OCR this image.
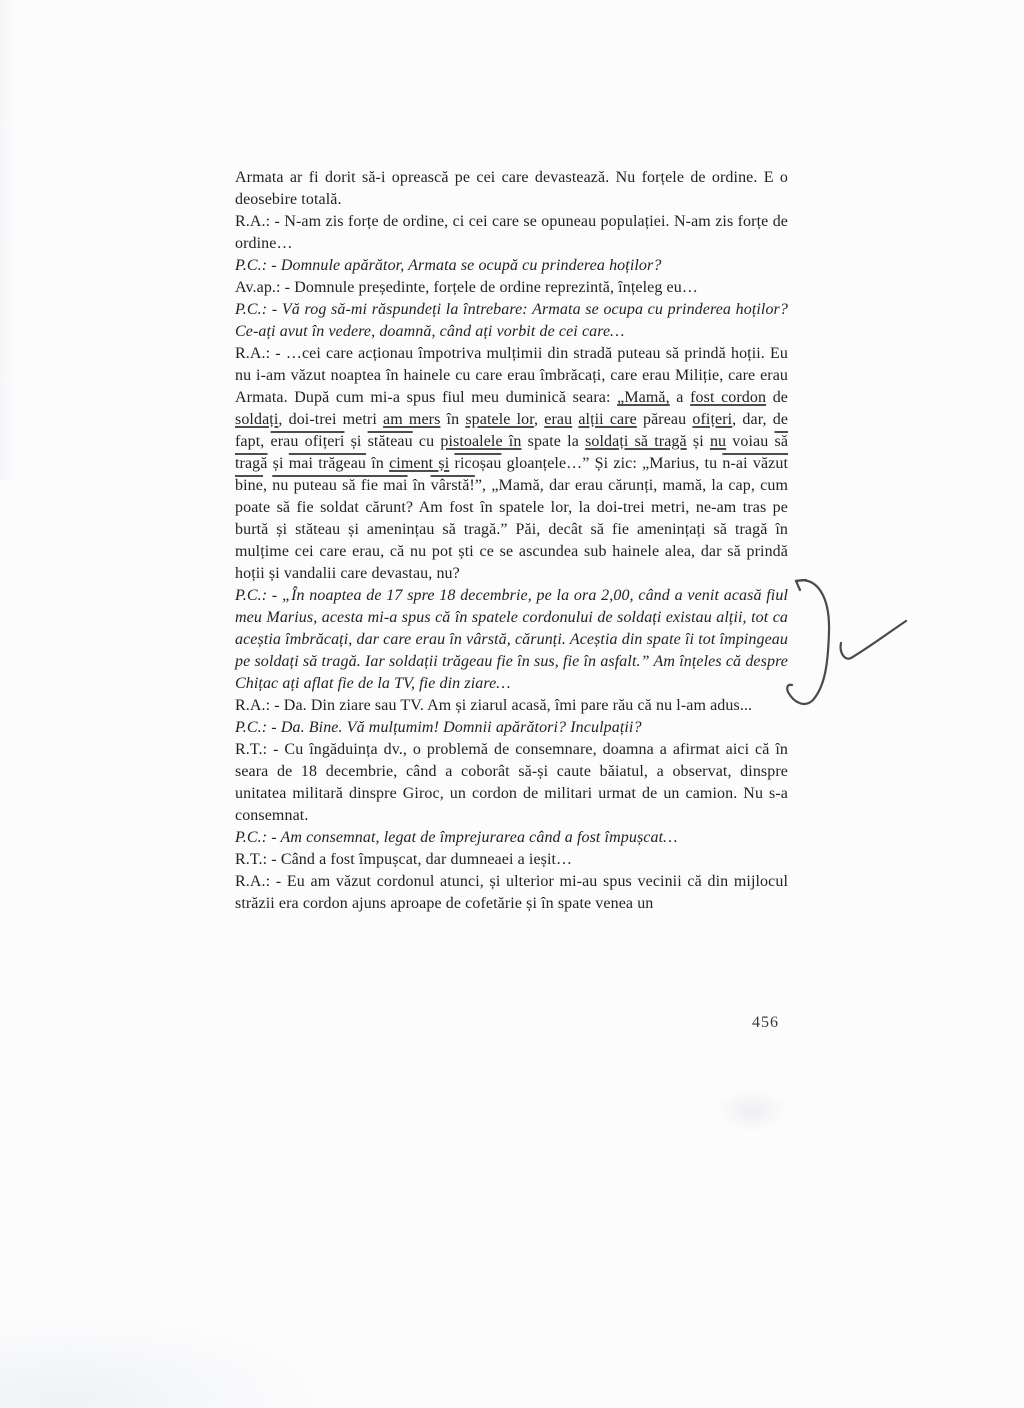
Armata ar fi dorit să-i oprească pe cei care devastează. Nu forțele de ordine. E o deosebire totală.

R.A.: - N-am zis forțe de ordine, ci cei care se opuneau populației. N-am zis forțe de ordine…

P.C.: - Domnule apărător, Armata se ocupă cu prinderea hoților?

Av.ap.: - Domnule președinte, forțele de ordine reprezintă, înțeleg eu…

P.C.: - Vă rog să-mi răspundeți la întrebare: Armata se ocupa cu prinderea hoților? Ce-ați avut în vedere, doamnă, când ați vorbit de cei care…

R.A.: - …cei care acționau împotriva mulțimii din stradă puteau să prindă hoții. Eu nu i-am văzut noaptea în hainele cu care erau îmbrăcați, care erau Miliție, care erau Armata. După cum mi-a spus fiul meu duminică seara: „Mamă, a fost cordon de soldați, doi-trei metri am mers în spatele lor, erau alții care păreau ofițeri, dar, de fapt, erau ofițeri și stăteau cu pistoalele în spate la soldați să tragă și nu voiau să tragă și mai trăgeau în ciment și ricoșau gloanțele…” Și zic: „Marius, tu n-ai văzut bine, nu puteau să fie mai în vârstă!”, „Mamă, dar erau cărunți, mamă, la cap, cum poate să fie soldat cărunt? Am fost în spatele lor, la doi-trei metri, ne-am tras pe burtă și stăteau și amenințau să tragă.” Păi, decât să fie amenințați să tragă în mulțime cei care erau, că nu pot ști ce se ascundea sub hainele alea, dar să prindă hoții și vandalii care devastau, nu?

P.C.: - „În noaptea de 17 spre 18 decembrie, pe la ora 2,00, când a venit acasă fiul meu Marius, acesta mi-a spus că în spatele cordonului de soldați existau alții, tot ca aceștia îmbrăcați, dar care erau în vârstă, cărunți. Aceștia din spate îi tot împingeau pe soldați să tragă. Iar soldații trăgeau fie în sus, fie în asfalt.” Am înțeles că despre Chițac ați aflat fie de la TV, fie din ziare…

R.A.: - Da. Din ziare sau TV. Am și ziarul acasă, îmi pare rău că nu l-am adus...

P.C.: - Da. Bine. Vă mulțumim! Domnii apărători? Inculpații?

R.T.: - Cu îngăduința dv., o problemă de consemnare, doamna a afirmat aici că în seara de 18 decembrie, când a coborât să-și caute băiatul, a observat, dinspre unitatea militară dinspre Giroc, un cordon de militari urmat de un camion. Nu s-a consemnat.

P.C.: - Am consemnat, legat de împrejurarea când a fost împușcat…

R.T.: - Când a fost împușcat, dar dumneaei a ieșit…

R.A.: - Eu am văzut cordonul atunci, și ulterior mi-au spus vecinii că din mijlocul străzii era cordon ajuns aproape de cofetărie și în spate venea un

456
